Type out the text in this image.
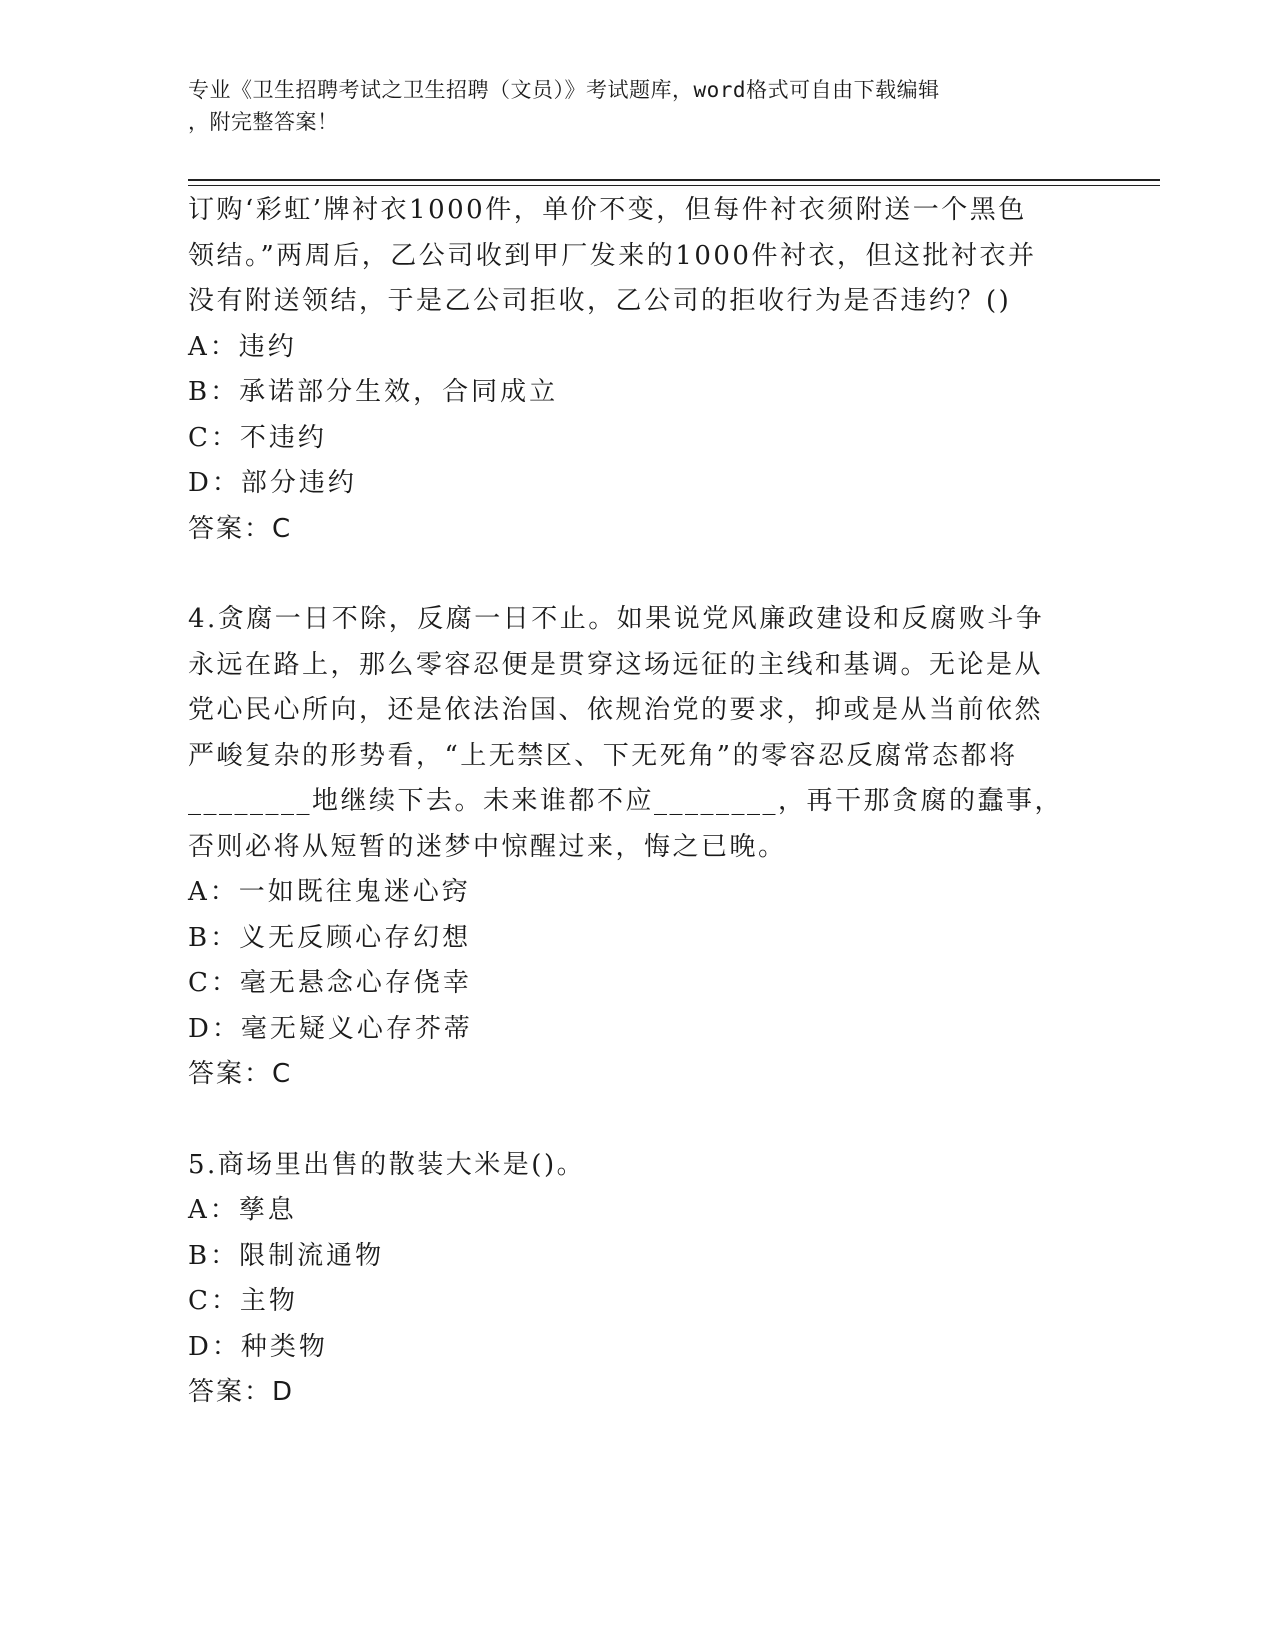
专业《卫生招聘考试之卫生招聘（文员）》考试题库，word格式可自由下载编辑
，附完整答案！
订购‘彩虹’牌衬衣1000件，单价不变，但每件衬衣须附送一个黑色
领结。”两周后，乙公司收到甲厂发来的1000件衬衣，但这批衬衣并
没有附送领结，于是乙公司拒收，乙公司的拒收行为是否违约？()
A：违约
B：承诺部分生效，合同成立
C：不违约
D：部分违约
答案：C
4.贪腐一日不除，反腐一日不止。如果说党风廉政建设和反腐败斗争
永远在路上，那么零容忍便是贯穿这场远征的主线和基调。无论是从
党心民心所向，还是依法治国、依规治党的要求，抑或是从当前依然
严峻复杂的形势看，“上无禁区、下无死角”的零容忍反腐常态都将
________地继续下去。未来谁都不应________，再干那贪腐的蠢事，
否则必将从短暂的迷梦中惊醒过来，悔之已晚。
A：一如既往鬼迷心窍
B：义无反顾心存幻想
C：毫无悬念心存侥幸
D：毫无疑义心存芥蒂
答案：C
5.商场里出售的散装大米是()。
A：孳息
B：限制流通物
C：主物
D：种类物
答案：D
